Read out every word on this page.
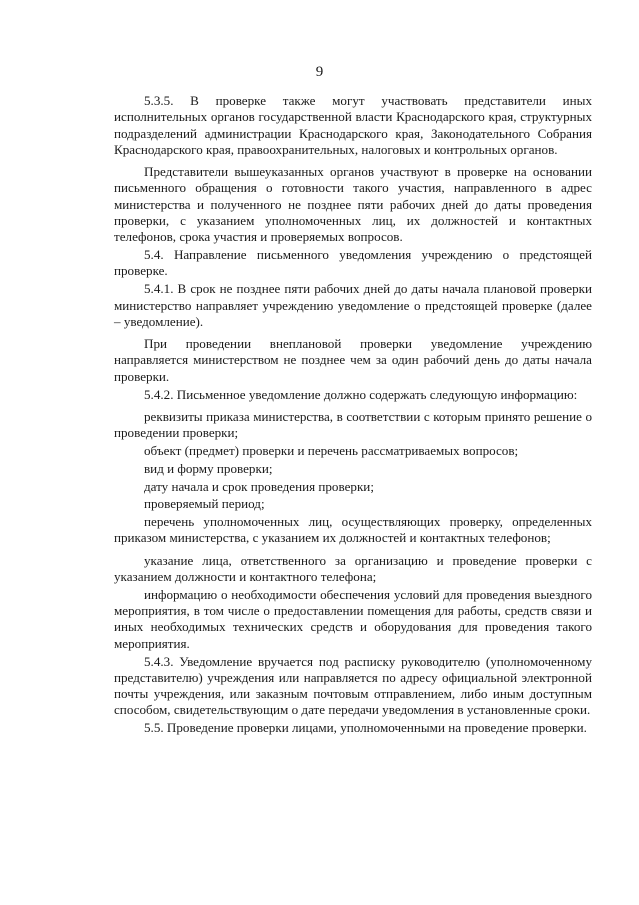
9

5.3.5. В проверке также могут участвовать представители иных исполнительных органов государственной власти Краснодарского края, структурных подразделений администрации Краснодарского края, Законодательного Собрания Краснодарского края, правоохранительных, налоговых и контрольных органов.

Представители вышеуказанных органов участвуют в проверке на основании письменного обращения о готовности такого участия, направленного в адрес министерства и полученного не позднее пяти рабочих дней до даты проведения проверки, с указанием уполномоченных лиц, их должностей и контактных телефонов, срока участия и проверяемых вопросов.

5.4. Направление письменного уведомления учреждению о предстоящей проверке.

5.4.1. В срок не позднее пяти рабочих дней до даты начала плановой проверки министерство направляет учреждению уведомление о предстоящей проверке (далее – уведомление).

При проведении внеплановой проверки уведомление учреждению направляется министерством не позднее чем за один рабочий день до даты начала проверки.

5.4.2. Письменное уведомление должно содержать следующую информацию:

реквизиты приказа министерства, в соответствии с которым принято решение о проведении проверки;

объект (предмет) проверки и перечень рассматриваемых вопросов;

вид и форму проверки;

дату начала и срок проведения проверки;

проверяемый период;

перечень уполномоченных лиц, осуществляющих проверку, определенных приказом министерства, с указанием их должностей и контактных телефонов;

указание лица, ответственного за организацию и проведение проверки с указанием должности и контактного телефона;

информацию о необходимости обеспечения условий для проведения выездного мероприятия, в том числе о предоставлении помещения для работы, средств связи и иных необходимых технических средств и оборудования для проведения такого мероприятия.

5.4.3. Уведомление вручается под расписку руководителю (уполномоченному представителю) учреждения или направляется по адресу официальной электронной почты учреждения, или заказным почтовым отправлением, либо иным доступным способом, свидетельствующим о дате передачи уведомления в установленные сроки.

5.5. Проведение проверки лицами, уполномоченными на проведение проверки.
